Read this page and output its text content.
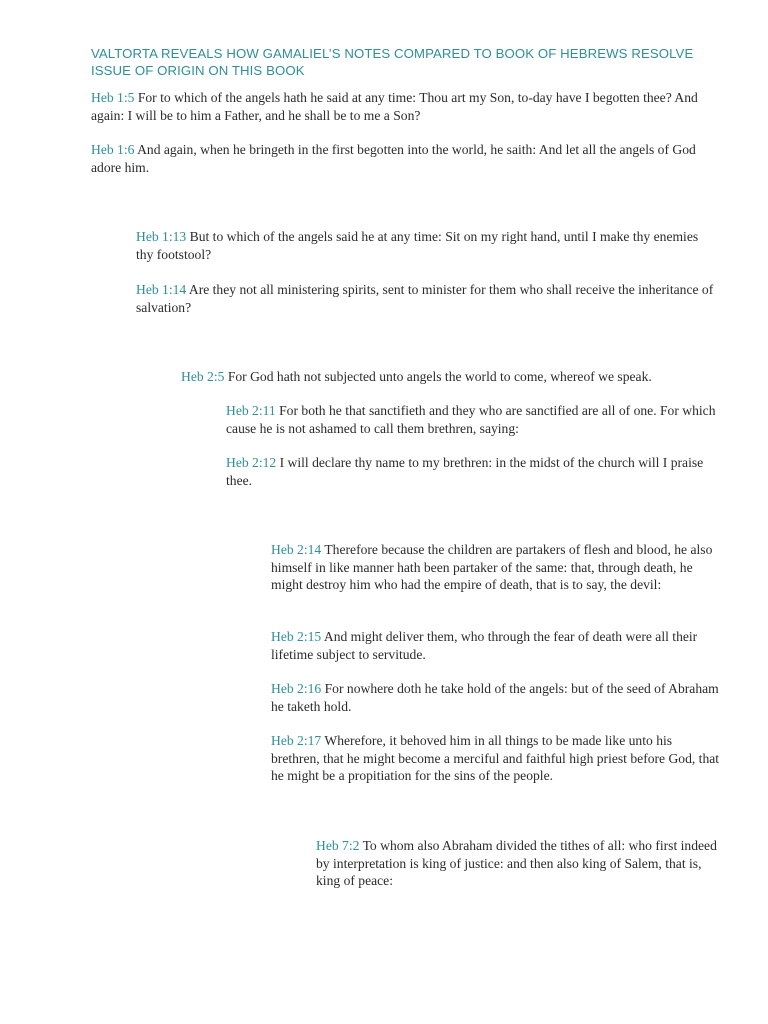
VALTORTA REVEALS HOW GAMALIEL’S NOTES COMPARED TO BOOK OF HEBREWS RESOLVE ISSUE OF ORIGIN ON THIS BOOK

Heb 1:5 For to which of the angels hath he said at any time: Thou art my Son, to-day have I begotten thee? And again: I will be to him a Father, and he shall be to me a Son?

Heb 1:6 And again, when he bringeth in the first begotten into the world, he saith: And let all the angels of God adore him.

Heb 1:13 But to which of the angels said he at any time: Sit on my right hand, until I make thy enemies thy footstool?

Heb 1:14 Are they not all ministering spirits, sent to minister for them who shall receive the inheritance of salvation?

Heb 2:5 For God hath not subjected unto angels the world to come, whereof we speak.

Heb 2:11 For both he that sanctifieth and they who are sanctified are all of one. For which cause he is not ashamed to call them brethren, saying:

Heb 2:12 I will declare thy name to my brethren: in the midst of the church will I praise thee.

Heb 2:14 Therefore because the children are partakers of flesh and blood, he also himself in like manner hath been partaker of the same: that, through death, he might destroy him who had the empire of death, that is to say, the devil:

Heb 2:15 And might deliver them, who through the fear of death were all their lifetime subject to servitude.

Heb 2:16 For nowhere doth he take hold of the angels: but of the seed of Abraham he taketh hold.

Heb 2:17 Wherefore, it behoved him in all things to be made like unto his brethren, that he might become a merciful and faithful high priest before God, that he might be a propitiation for the sins of the people.

Heb 7:2 To whom also Abraham divided the tithes of all: who first indeed by interpretation is king of justice: and then also king of Salem, that is, king of peace:
